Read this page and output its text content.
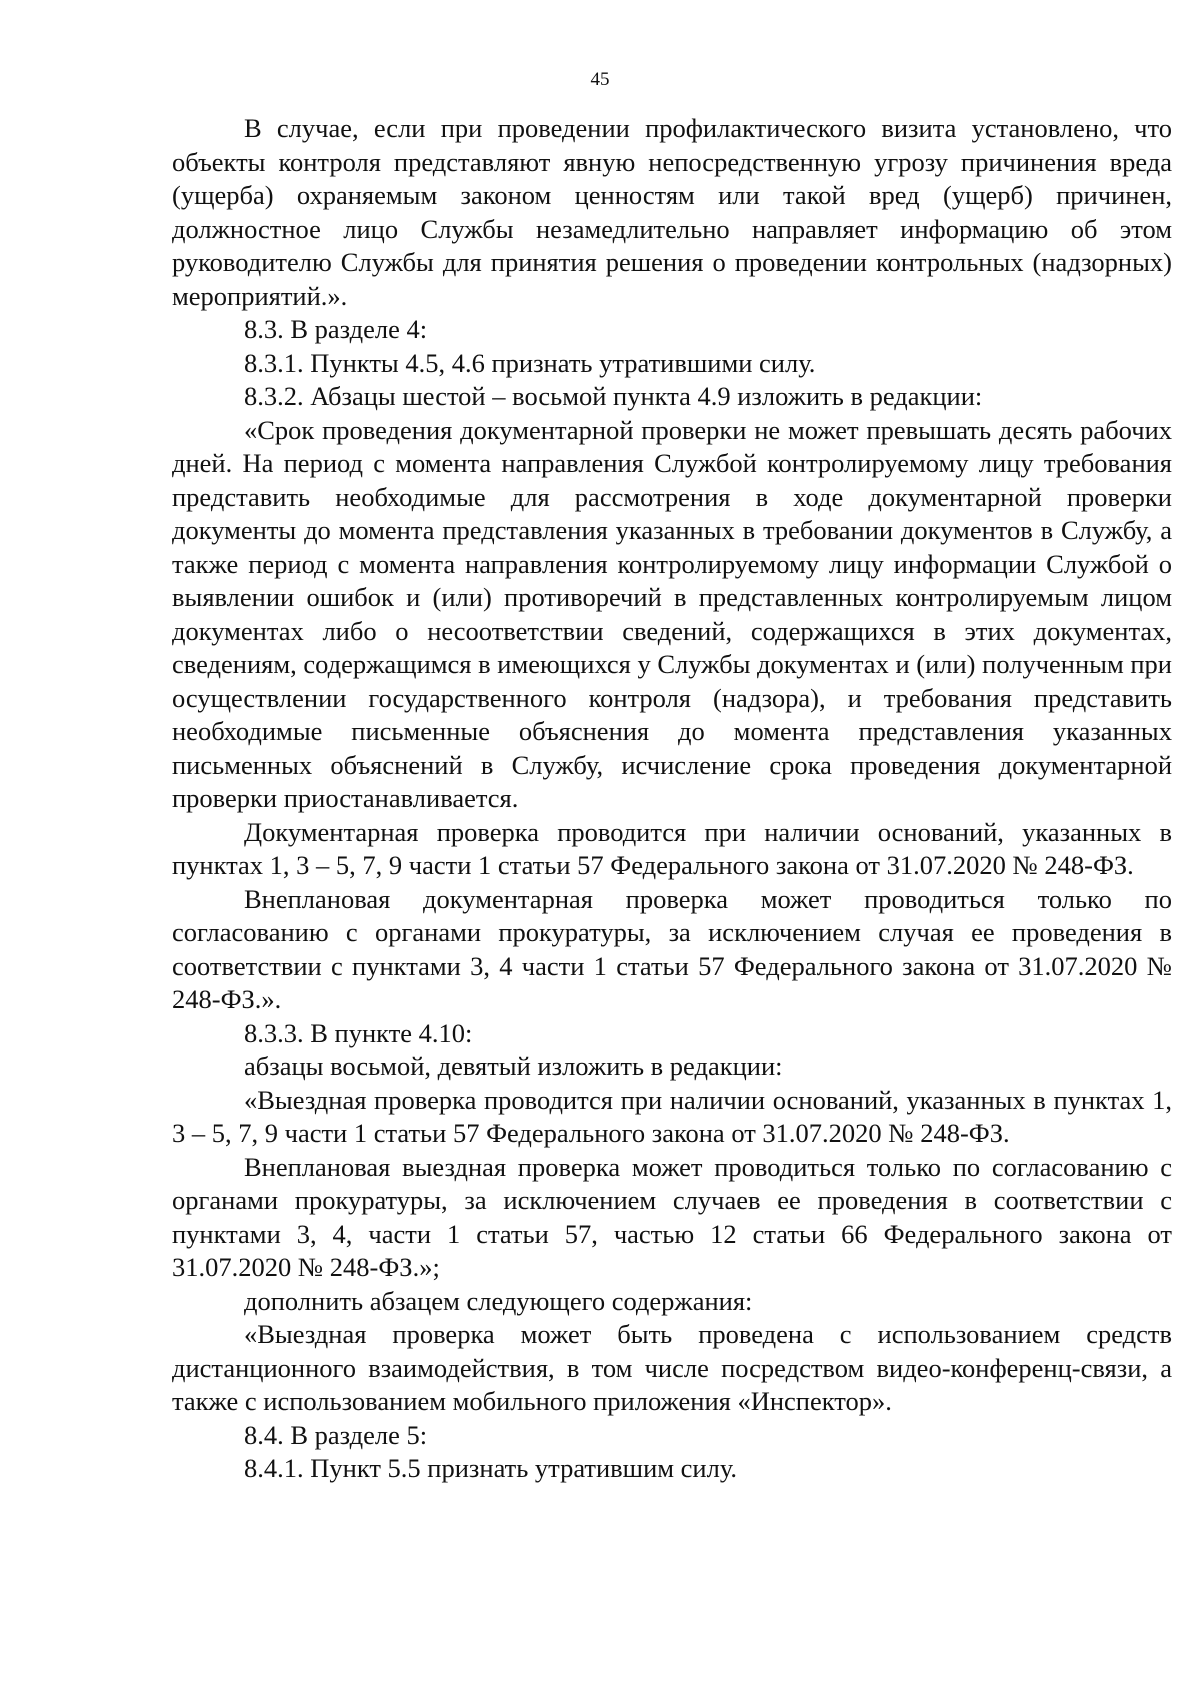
45

В случае, если при проведении профилактического визита установлено, что объекты контроля представляют явную непосредственную угрозу причинения вреда (ущерба) охраняемым законом ценностям или такой вред (ущерб) причинен, должностное лицо Службы незамедлительно направляет информацию об этом руководителю Службы для принятия решения о проведении контрольных (надзорных) мероприятий.».

8.3. В разделе 4:

8.3.1. Пункты 4.5, 4.6 признать утратившими силу.

8.3.2. Абзацы шестой – восьмой пункта 4.9 изложить в редакции:

«Срок проведения документарной проверки не может превышать десять рабочих дней. На период с момента направления Службой контролируемому лицу требования представить необходимые для рассмотрения в ходе документарной проверки документы до момента представления указанных в требовании документов в Службу, а также период с момента направления контролируемому лицу информации Службой о выявлении ошибок и (или) противоречий в представленных контролируемым лицом документах либо о несоответствии сведений, содержащихся в этих документах, сведениям, содержащимся в имеющихся у Службы документах и (или) полученным при осуществлении государственного контроля (надзора), и требования представить необходимые письменные объяснения до момента представления указанных письменных объяснений в Службу, исчисление срока проведения документарной проверки приостанавливается.

Документарная проверка проводится при наличии оснований, указанных в пунктах 1, 3 – 5, 7, 9 части 1 статьи 57 Федерального закона от 31.07.2020 № 248-ФЗ.

Внеплановая документарная проверка может проводиться только по согласованию с органами прокуратуры, за исключением случая ее проведения в соответствии с пунктами 3, 4 части 1 статьи 57 Федерального закона от 31.07.2020 № 248-ФЗ.».

8.3.3. В пункте 4.10:

абзацы восьмой, девятый изложить в редакции:

«Выездная проверка проводится при наличии оснований, указанных в пунктах 1, 3 – 5, 7, 9 части 1 статьи 57 Федерального закона от 31.07.2020 № 248-ФЗ.

Внеплановая выездная проверка может проводиться только по согласованию с органами прокуратуры, за исключением случаев ее проведения в соответствии с пунктами 3, 4, части 1 статьи 57, частью 12 статьи 66 Федерального закона от 31.07.2020 № 248-ФЗ.»;

дополнить абзацем следующего содержания:

«Выездная проверка может быть проведена с использованием средств дистанционного взаимодействия, в том числе посредством видео-конференц-связи, а также с использованием мобильного приложения «Инспектор».

8.4. В разделе 5:

8.4.1. Пункт 5.5 признать утратившим силу.
